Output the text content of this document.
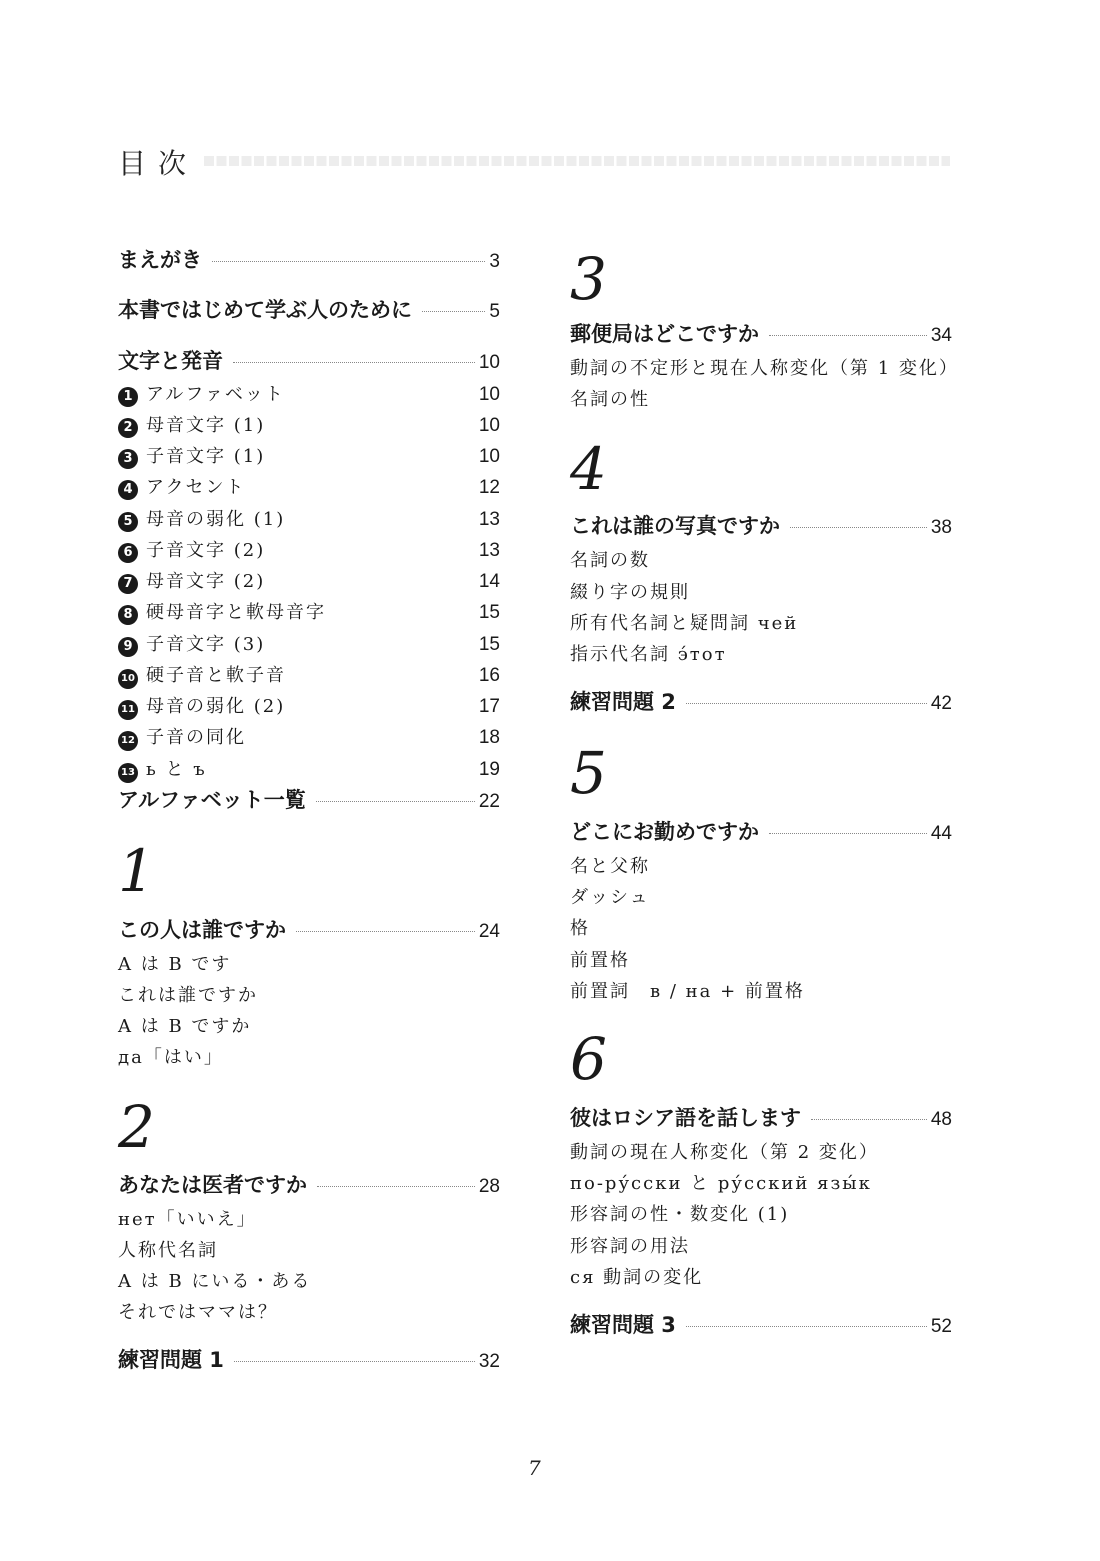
目次
まえがき	3
本書ではじめて学ぶ人のために	5
文字と発音	10
1 アルファベット	10
2 母音文字 (1)	10
3 子音文字 (1)	10
4 アクセント	12
5 母音の弱化 (1)	13
6 子音文字 (2)	13
7 母音文字 (2)	14
8 硬母音字と軟母音字	15
9 子音文字 (3)	15
10 硬子音と軟子音	16
11 母音の弱化 (2)	17
12 子音の同化	18
13 ь と ъ	19
アルファベット一覧	22
1
この人は誰ですか	24
A は B です
これは誰ですか
A は B ですか
да「はい」
2
あなたは医者ですか	28
нет「いいえ」
人称代名詞
A は B にいる・ある
それではママは？
練習問題 1	32
3
郵便局はどこですか	34
動詞の不定形と現在人称変化（第 1 変化）
名詞の性
4
これは誰の写真ですか	38
名詞の数
綴り字の規則
所有代名詞と疑問詞 чей
指示代名詞 э́тот
練習問題 2	42
5
どこにお勤めですか	44
名と父称
ダッシュ
格
前置格
前置詞　в / на + 前置格
6
彼はロシア語を話します	48
動詞の現在人称変化（第 2 変化）
по-ру́сски と ру́сский язы́к
形容詞の性・数変化 (1)
形容詞の用法
ся 動詞の変化
練習問題 3	52
7
